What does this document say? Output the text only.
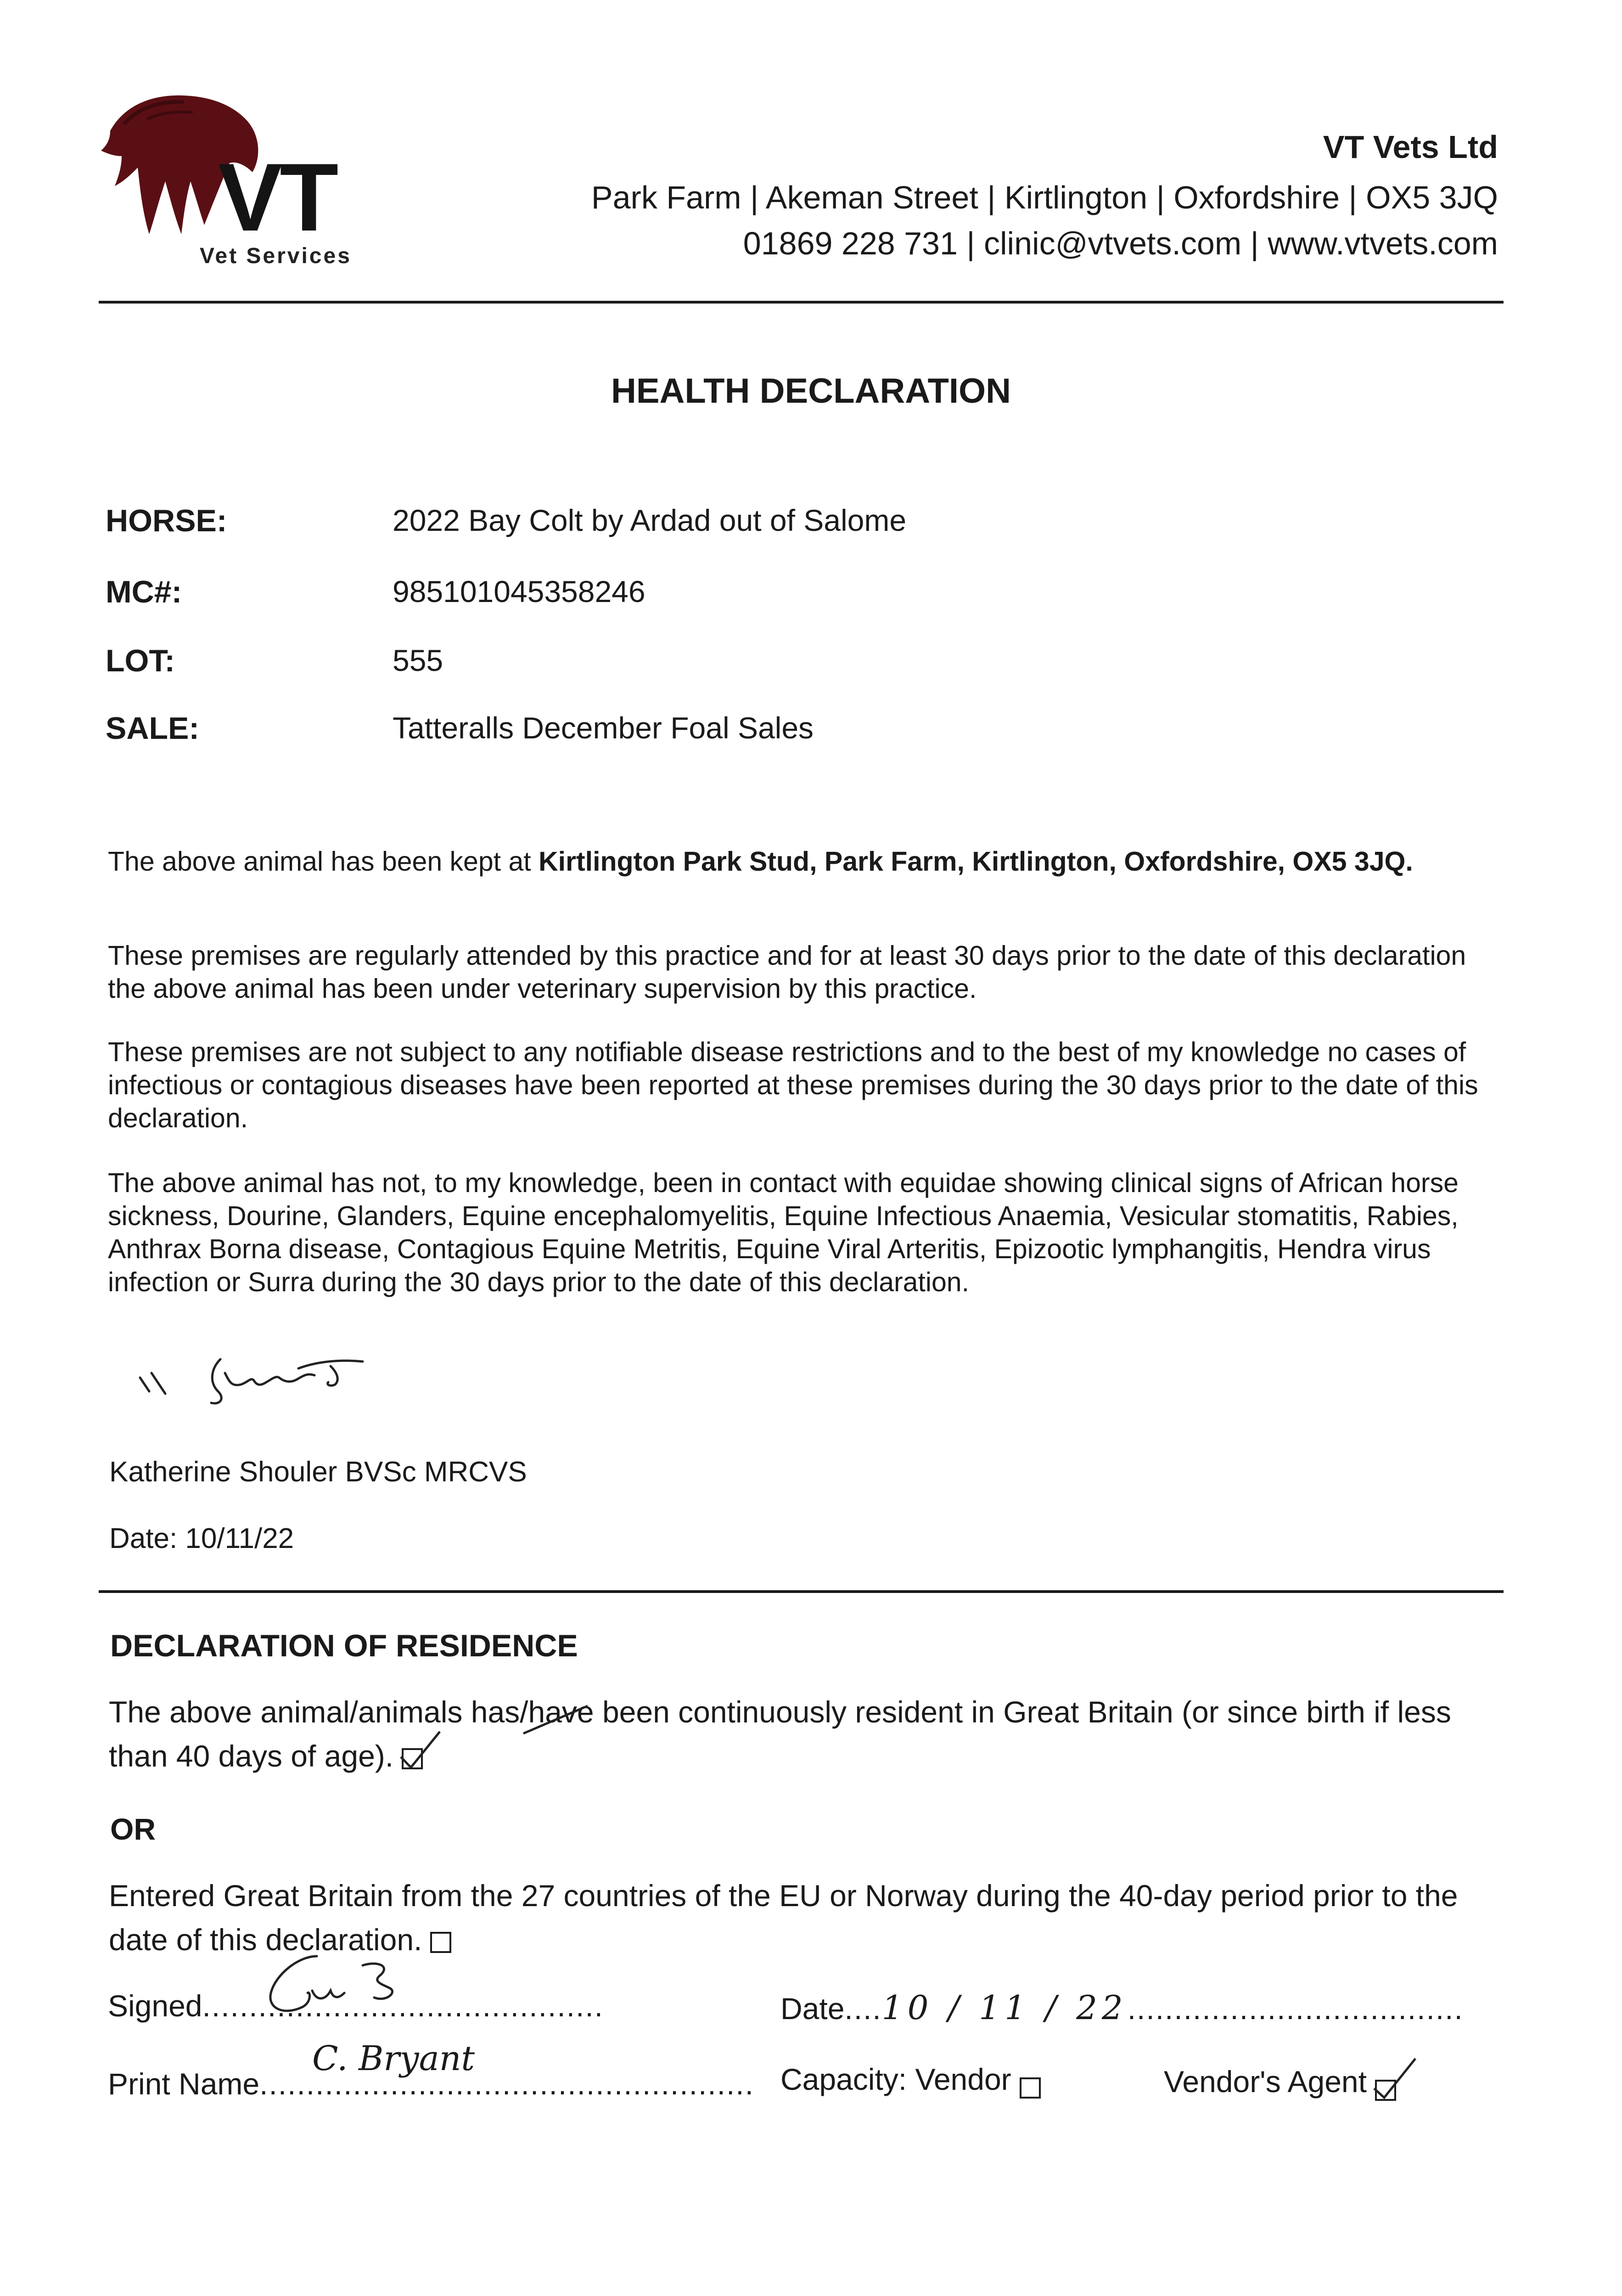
VT
Vet Services
VT Vets Ltd
Park Farm | Akeman Street | Kirtlington | Oxfordshire | OX5 3JQ
01869 228 731 | clinic@vtvets.com | www.vtvets.com
HEALTH DECLARATION
HORSE:	2022 Bay Colt by Ardad out of Salome
MC#:	985101045358246
LOT:	555
SALE:	Tatteralls December Foal Sales
The above animal has been kept at Kirtlington Park Stud, Park Farm, Kirtlington, Oxfordshire, OX5 3JQ.
These premises are regularly attended by this practice and for at least 30 days prior to the date of this declaration the above animal has been under veterinary supervision by this practice.
These premises are not subject to any notifiable disease restrictions and to the best of my knowledge no cases of infectious or contagious diseases have been reported at these premises during the 30 days prior to the date of this declaration.
The above animal has not, to my knowledge, been in contact with equidae showing clinical signs of African horse sickness, Dourine, Glanders, Equine encephalomyelitis, Equine Infectious Anaemia, Vesicular stomatitis, Rabies, Anthrax Borna disease, Contagious Equine Metritis, Equine Viral Arteritis, Epizootic lymphangitis, Hendra virus infection or Surra during the 30 days prior to the date of this declaration.
Katherine Shouler BVSc MRCVS
Date: 10/11/22
DECLARATION OF RESIDENCE
The above animal/animals has/have been continuously resident in Great Britain (or since birth if less than 40 days of age).
OR
Entered Great Britain from the 27 countries of the EU or Norway during the 40-day period prior to the date of this declaration.
Signed...........................................	Date....10 / 11 / 22....................................
Print Name.....................................................
C. Bryant
Capacity: Vendor	Vendor's Agent
